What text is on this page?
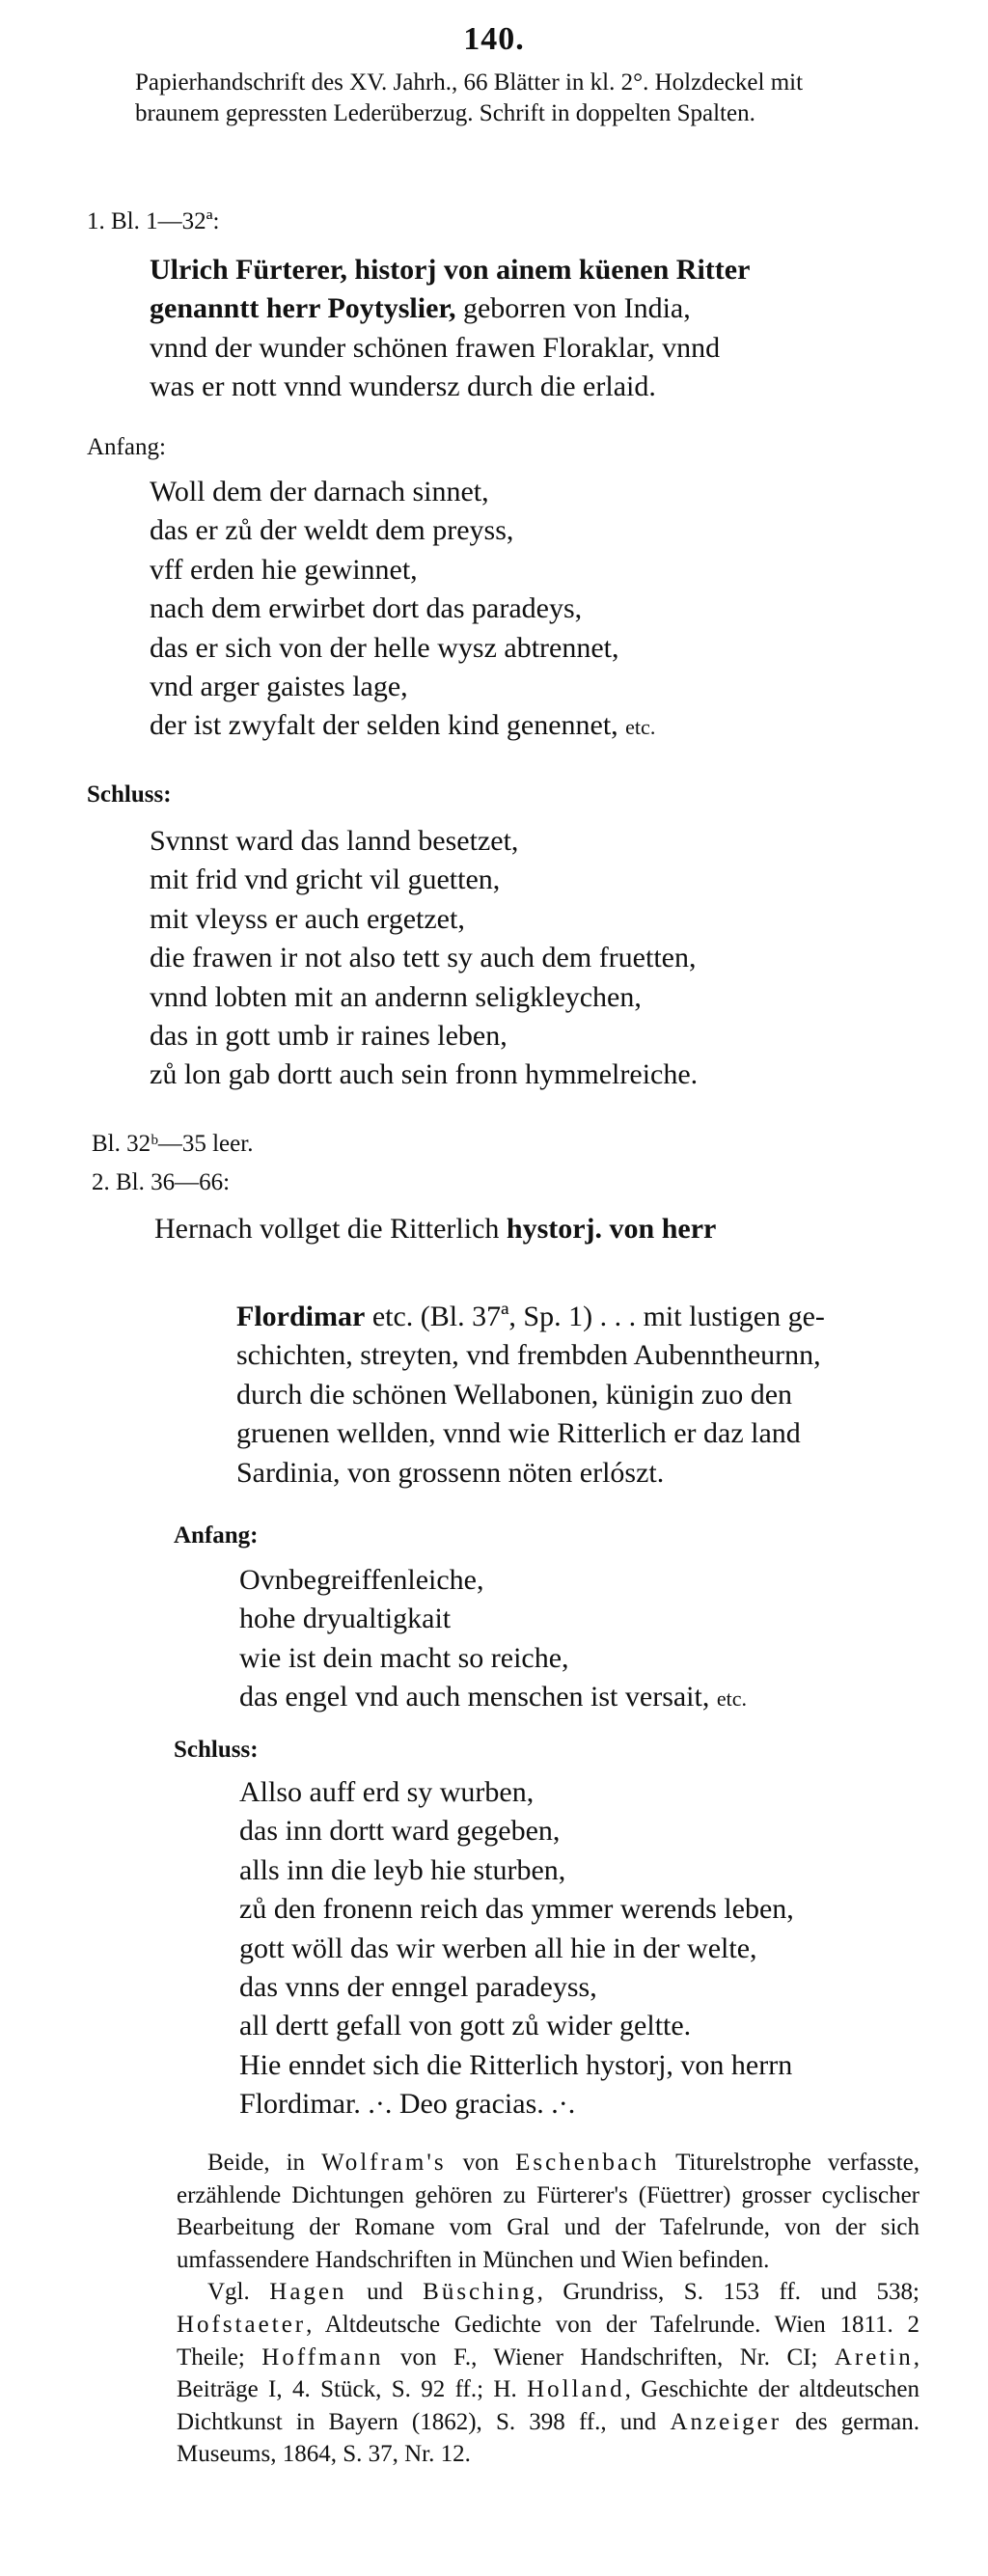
140.
Papierhandschrift des XV. Jahrh., 66 Blätter in kl. 2°. Holzdeckel mit braunem gepressten Lederüberzug. Schrift in doppelten Spalten.
1. Bl. 1—32ª:
Ulrich Fürterer, historj von ainem küenen Ritter
genanntt herr Poytyslier, geborren von India,
vnnd der wunder schönen frawen Floraklar, vnnd
was er nott vnnd wundersz durch die erlaid.
Anfang:
Woll dem der darnach sinnet,
das er zů der weldt dem preyss,
vff erden hie gewinnet,
nach dem erwirbet dort das paradeys,
das er sich von der helle wysz abtrennet,
vnd arger gaistes lage,
der ist zwyfalt der selden kind genennet, etc.
Schluss:
Svnnst ward das lannd besetzet,
mit frid vnd gricht vil guetten,
mit vleyss er auch ergetzet,
die frawen ir not also tett sy auch dem fruetten,
vnnd lobten mit an andernn seligkleychen,
das in gott umb ir raines leben,
zů lon gab dortt auch sein fronn hymmelreiche.
Bl. 32ᵇ—35 leer.
2. Bl. 36—66:
Hernach vollget die Ritterlich hystorj. von herr
Flordimar etc. (Bl. 37ª, Sp. 1) . . . mit lustigen ge-
schichten, streyten, vnd frembden Aubenntheurnn,
durch die schönen Wellabonen, künigin zuo den
gruenen wellden, vnnd wie Ritterlich er daz land
Sardinia, von grossenn nöten erlószt.
Anfang:
Ovnbegreiffenleiche,
hohe dryualtigkait
wie ist dein macht so reiche,
das engel vnd auch menschen ist versait, etc.
Schluss:
Allso auff erd sy wurben,
das inn dortt ward gegeben,
alls inn die leyb hie sturben,
zů den fronenn reich das ymmer werends leben,
gott wöll das wir werben all hie in der welte,
das vnns der enngel paradeyss,
all dertt gefall von gott zů wider geltte.
Hie enndet sich die Ritterlich hystorj, von herrn
Flordimar. .·. Deo gracias. .·.

Beide, in Wolfram's von Eschenbach Titurelstrophe verfasste, erzählende Dichtungen gehören zu Fürterer's (Füettrer) grosser cyclischer Bearbeitung der Romane vom Gral und der Tafelrunde, von der sich umfassendere Handschriften in München und Wien befinden.

Vgl. Hagen und Büsching, Grundriss, S. 153 ff. und 538; Hofstaeter, Altdeutsche Gedichte von der Tafelrunde. Wien 1811. 2 Theile; Hoffmann von F., Wiener Handschriften, Nr. CI; Aretin, Beiträge I, 4. Stück, S. 92 ff.; H. Holland, Geschichte der altdeutschen Dichtkunst in Bayern (1862), S. 398 ff., und Anzeiger des german. Museums, 1864, S. 37, Nr. 12.
